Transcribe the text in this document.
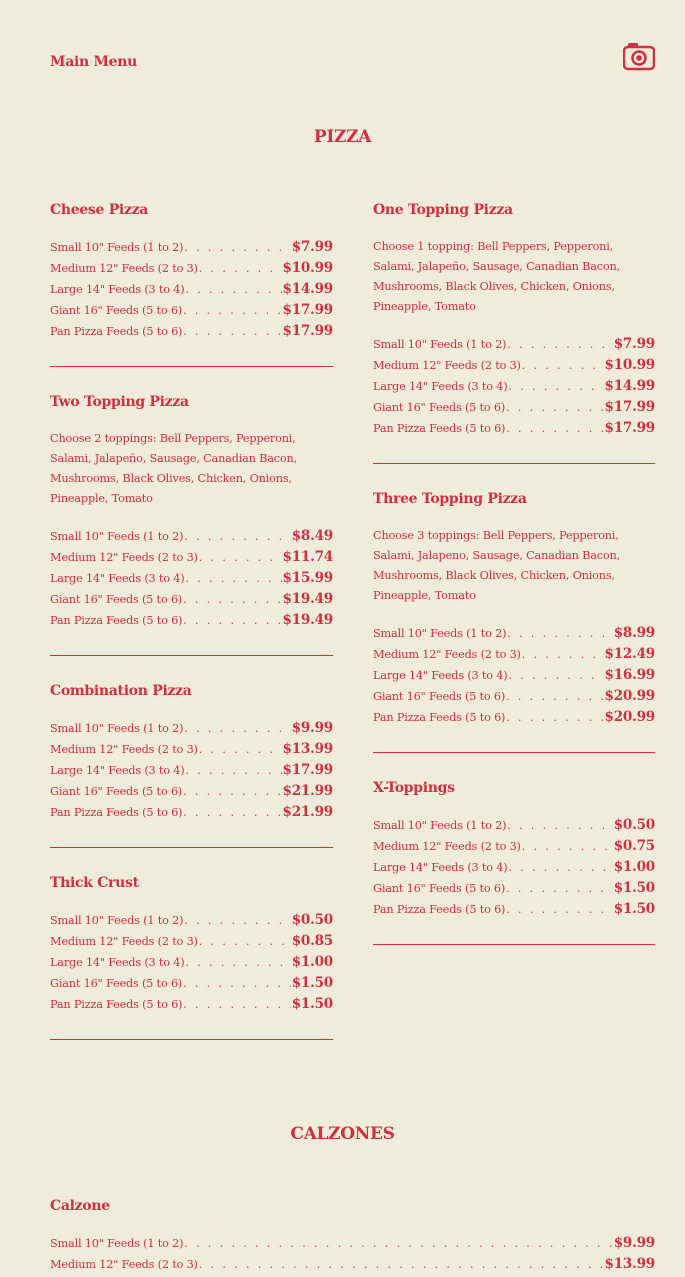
Main Menu
PIZZA
Cheese Pizza
Small 10" Feeds (1 to 2) . . .	$7.99
Medium 12" Feeds (2 to 3) . . .	$10.99
Large 14" Feeds (3 to 4) . . .	$14.99
Giant 16" Feeds (5 to 6) . . .	$17.99
Pan Pizza Feeds (5 to 6) . . .	$17.99
Two Topping Pizza

Choose 2 toppings: Bell Peppers, Pepperoni, Salami, Jalapeño, Sausage, Canadian Bacon, Mushrooms, Black Olives, Chicken, Onions, Pineapple, Tomato

Small 10" Feeds (1 to 2) . . .	$8.49
Medium 12" Feeds (2 to 3) . . .	$11.74
Large 14" Feeds (3 to 4) . . .	$15.99
Giant 16" Feeds (5 to 6) . . .	$19.49
Pan Pizza Feeds (5 to 6) . . .	$19.49
Combination Pizza
Small 10" Feeds (1 to 2) . . .	$9.99
Medium 12" Feeds (2 to 3) . . .	$13.99
Large 14" Feeds (3 to 4) . . .	$17.99
Giant 16" Feeds (5 to 6) . . .	$21.99
Pan Pizza Feeds (5 to 6) . . .	$21.99
Thick Crust
Small 10" Feeds (1 to 2) . . .	$0.50
Medium 12" Feeds (2 to 3) . . .	$0.85
Large 14" Feeds (3 to 4) . . .	$1.00
Giant 16" Feeds (5 to 6) . . .	$1.50
Pan Pizza Feeds (5 to 6) . . .	$1.50
One Topping Pizza

Choose 1 topping: Bell Peppers, Pepperoni, Salami, Jalapeño, Sausage, Canadian Bacon, Mushrooms, Black Olives, Chicken, Onions, Pineapple, Tomato

Small 10" Feeds (1 to 2) . . .	$7.99
Medium 12" Feeds (2 to 3) . . .	$10.99
Large 14" Feeds (3 to 4) . . .	$14.99
Giant 16" Feeds (5 to 6) . . .	$17.99
Pan Pizza Feeds (5 to 6) . . .	$17.99
Three Topping Pizza

Choose 3 toppings: Bell Peppers, Pepperoni, Salami, Jalapeno, Sausage, Canadian Bacon, Mushrooms, Black Olives, Chicken, Onions, Pineapple, Tomato

Small 10" Feeds (1 to 2) . . .	$8.99
Medium 12" Feeds (2 to 3) . . .	$12.49
Large 14" Feeds (3 to 4) . . .	$16.99
Giant 16" Feeds (5 to 6) . . .	$20.99
Pan Pizza Feeds (5 to 6) . . .	$20.99
X-Toppings
Small 10" Feeds (1 to 2) . . .	$0.50
Medium 12" Feeds (2 to 3) . . .	$0.75
Large 14" Feeds (3 to 4) . . .	$1.00
Giant 16" Feeds (5 to 6) . . .	$1.50
Pan Pizza Feeds (5 to 6) . . .	$1.50
CALZONES
Calzone
Small 10" Feeds (1 to 2) . . .	$9.99
Medium 12" Feeds (2 to 3) . . .	$13.99
